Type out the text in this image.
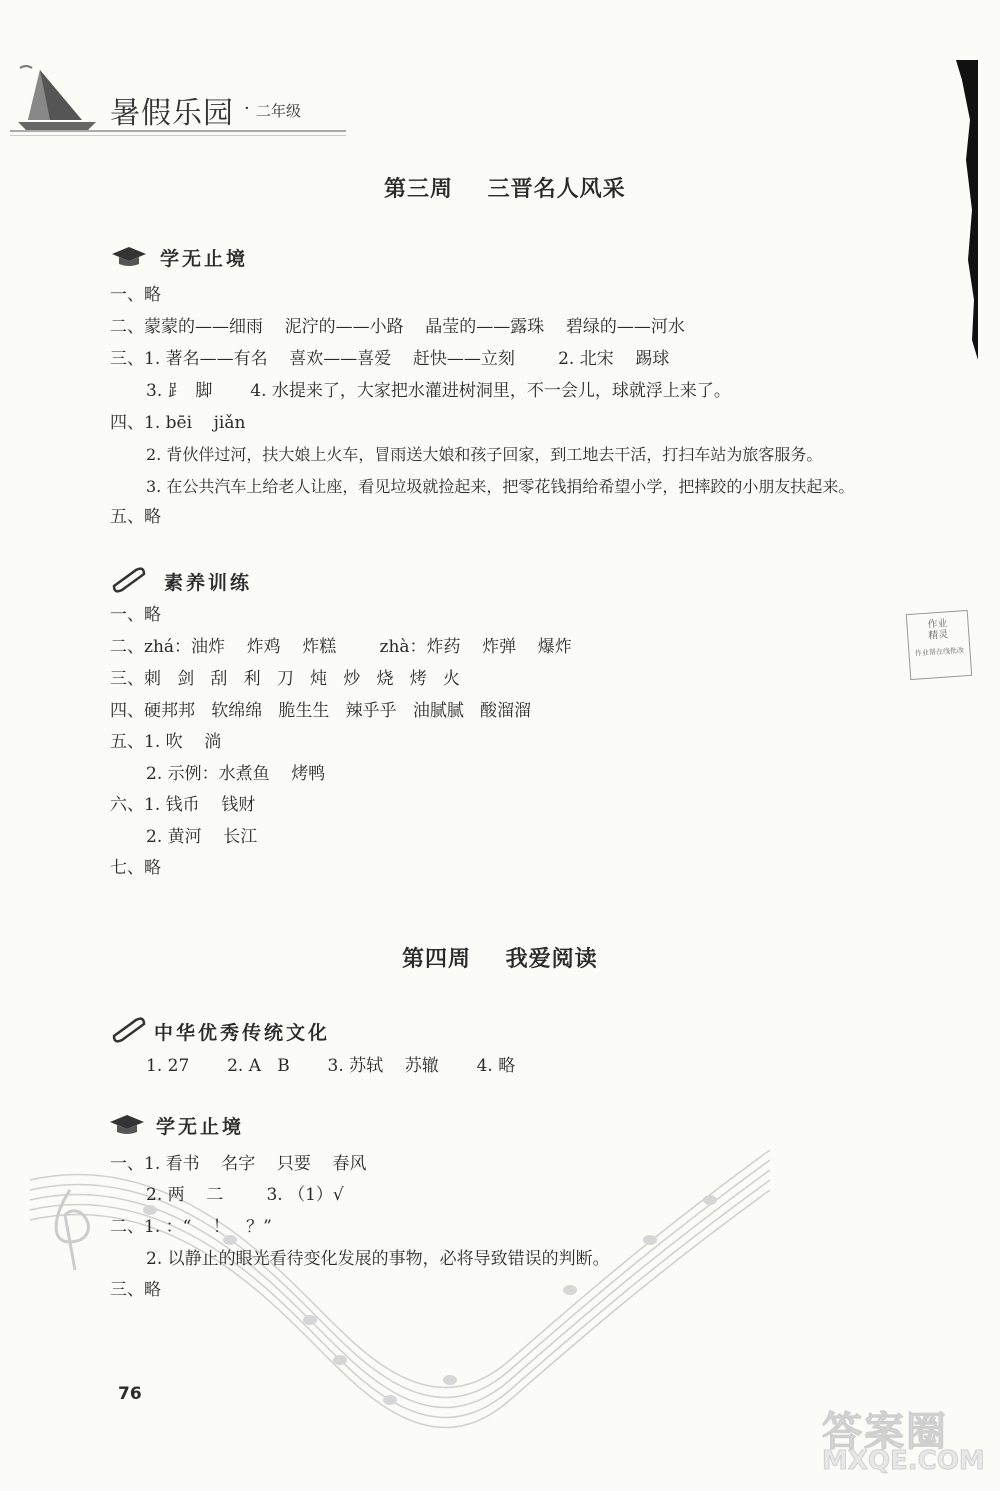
暑假乐园 · 二年级
第三周    三晋名人风采
学无止境
一、略
二、蒙蒙的——细雨    泥泞的——小路    晶莹的——露珠    碧绿的——河水
三、1. 著名——有名    喜欢——喜爱    赶快——立刻        2. 北宋    踢球
3. ⻊  脚       4. 水提来了，大家把水灌进树洞里，不一会儿，球就浮上来了。
四、1. bēi    jiǎn
2. 背伙伴过河，扶大娘上火车，冒雨送大娘和孩子回家，到工地去干活，打扫车站为旅客服务。
3. 在公共汽车上给老人让座，看见垃圾就捡起来，把零花钱捐给希望小学，把摔跤的小朋友扶起来。
五、略
素养训练
一、略
二、zhá：油炸    炸鸡    炸糕        zhà：炸药    炸弹    爆炸
三、刺   剑   刮   利   刀   炖   炒   烧   烤   火
四、硬邦邦   软绵绵   脆生生   辣乎乎   油腻腻   酸溜溜
五、1. 吹    淌
2. 示例：水煮鱼    烤鸭
六、1. 钱币    钱财
2. 黄河    长江
七、略
作业
精灵
作业帮在线批改
第四周    我爱阅读
中华优秀传统文化
1. 27       2. A   B       3. 苏轼    苏辙       4. 略
学无止境
一、1. 看书    名字    只要    春风
2. 两    二        3. （1）√
二、1. ：“    ！   ？”
2. 以静止的眼光看待变化发展的事物，必将导致错误的判断。
三、略
76
答案圈
MXQE.COM
